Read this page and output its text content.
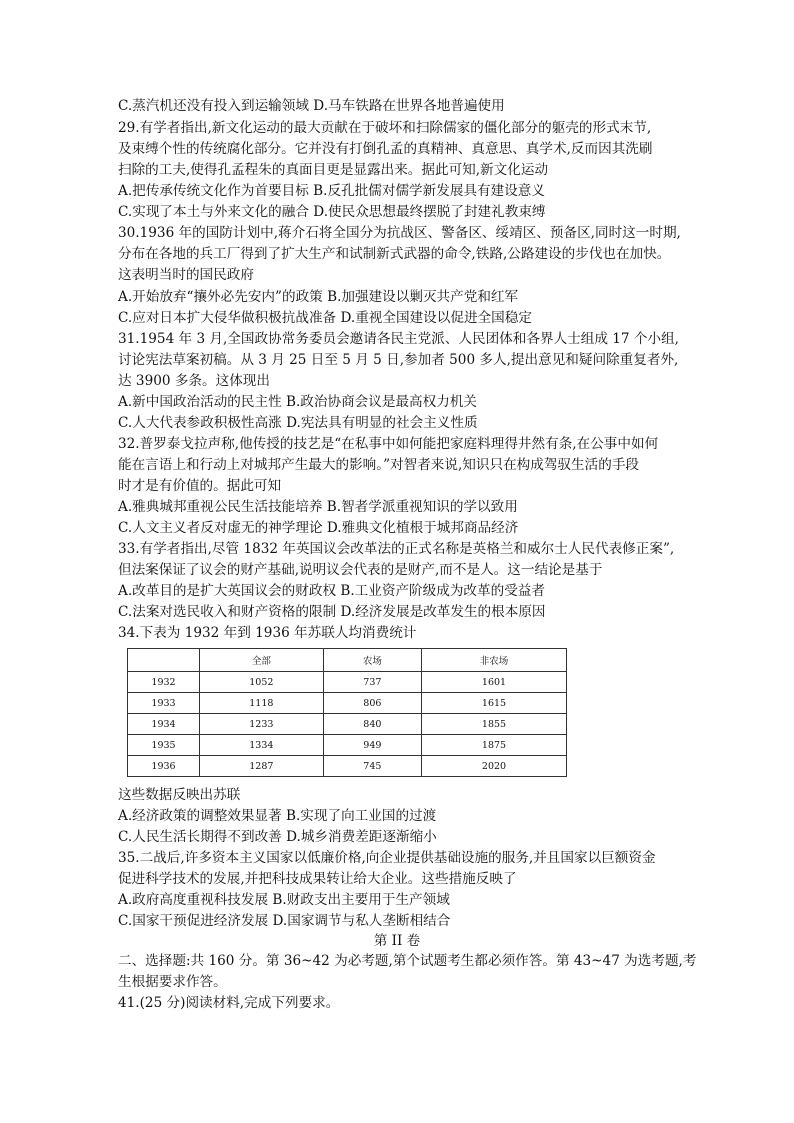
C.蒸汽机还没有投入到运输领域 D.马车铁路在世界各地普遍使用
29.有学者指出,新文化运动的最大贡献在于破坏和扫除儒家的僵化部分的躯壳的形式末节,
及束缚个性的传统腐化部分。它并没有打倒孔孟的真精神、真意思、真学术,反而因其洗刷
扫除的工夫,使得孔孟程朱的真面目更是显露出来。据此可知,新文化运动
A.把传承传统文化作为首要目标 B.反孔批儒对儒学新发展具有建设意义
C.实现了本土与外来文化的融合 D.使民众思想最终摆脱了封建礼教束缚
30.1936 年的国防计划中,蒋介石将全国分为抗战区、警备区、绥靖区、预备区,同时这一时期,
分布在各地的兵工厂得到了扩大生产和试制新式武器的命令,铁路,公路建设的步伐也在加快。
这表明当时的国民政府
A.开始放弃“攘外必先安内”的政策 B.加强建设以剿灭共产党和红军
C.应对日本扩大侵华做积极抗战准备 D.重视全国建设以促进全国稳定
31.1954 年 3 月,全国政协常务委员会邀请各民主党派、人民团体和各界人士组成 17 个小组,
讨论宪法草案初稿。从 3 月 25 日至 5 月 5 日,参加者 500 多人,提出意见和疑问除重复者外,
达 3900 多条。这体现出
A.新中国政治活动的民主性 B.政治协商会议是最高权力机关
C.人大代表参政积极性高涨 D.宪法具有明显的社会主义性质
32.普罗泰戈拉声称,他传授的技艺是“在私事中如何能把家庭料理得井然有条,在公事中如何
能在言语上和行动上对城邦产生最大的影响。”对智者来说,知识只在构成驾驭生活的手段
时才是有价值的。据此可知
A.雅典城邦重视公民生活技能培养 B.智者学派重视知识的学以致用
C.人文主义者反对虚无的神学理论 D.雅典文化植根于城邦商品经济
33.有学者指出,尽管 1832 年英国议会改革法的正式名称是英格兰和威尔士人民代表修正案”,
但法案保证了议会的财产基础,说明议会代表的是财产,而不是人。这一结论是基于
A.改革目的是扩大英国议会的财政权 B.工业资产阶级成为改革的受益者
C.法案对选民收入和财产资格的限制 D.经济发展是改革发生的根本原因
34.下表为 1932 年到 1936 年苏联人均消费统计
	全部	农场	非农场
1932	1052	737	1601
1933	1118	806	1615
1934	1233	840	1855
1935	1334	949	1875
1936	1287	745	2020
这些数据反映出苏联
A.经济政策的调整效果显著 B.实现了向工业国的过渡
C.人民生活长期得不到改善 D.城乡消费差距逐渐缩小
35.二战后,许多资本主义国家以低廉价格,向企业提供基础设施的服务,并且国家以巨额资金
促进科学技术的发展,并把科技成果转让给大企业。这些措施反映了
A.政府高度重视科技发展 B.财政支出主要用于生产领域
C.国家干预促进经济发展 D.国家调节与私人垄断相结合
第 II 卷
二、选择题:共 160 分。第 36~42 为必考题,第个试题考生都必须作答。第 43~47 为选考题,考
生根据要求作答。
41.(25 分)阅读材料,完成下列要求。
